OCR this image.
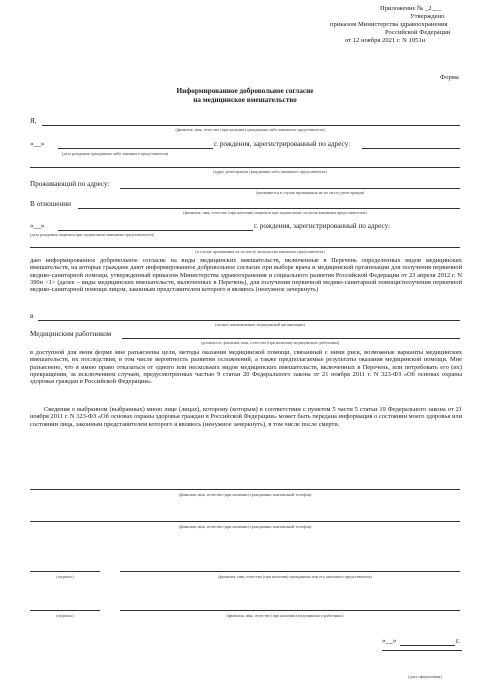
Приложение № _2___
Утверждено
приказом Министерства здравоохранения
Российской Федерации
от 12 ноября 2021 г. N 1051н
Форма
Информированное добровольное согласие
на медицинское вмешательство
Я,
(фамилия, имя, отчество (при наличии) гражданина либо законного представителя)
«__»	г. рождения, зарегистрированный по адресу:
(дата рождения гражданина либо законного представителя)
(адрес регистрации гражданина либо законного представителя)
Проживающий по адресу:
(указывается в случае проживания не по месту регистрации)
В отношении
(фамилия, имя, отчество (при наличии) пациента при подписании согласия законным представителем)
«__»	г. рождения, зарегистрированный по адресу:
(дата рождения пациента при подписании законным представителем)
(в случае проживания не по месту жительства законного представителя)
даю информированное добровольное согласие на виды медицинских вмешательств, включенные в Перечень определенных видов медицинских вмешательств, на которые граждане дают информированное добровольное согласие при выборе врача и медицинской организации для получения первичной медико-санитарной помощи, утвержденный приказом Министерства здравоохранения и социального развития Российской Федерации от 23 апреля 2012 г. N 390н <1> (далее – виды медицинских вмешательств, включенных в Перечень), для получения первичной медико-санитарной помощи/получения первичной медико-санитарной помощи лицом, законным представителем которого я являюсь (ненужное зачеркнуть)
в
(полное наименование медицинской организации)
Медицинским работником
(должность, фамилия, имя, отчество (при наличии) медицинского работника)
в доступной для меня форме мне разъяснены цели, методы оказания медицинской помощи, связанный с ними риск, возможные варианты медицинских вмешательств, их последствия, в том числе вероятность развития осложнений, а также предполагаемые результаты оказания медицинской помощи. Мне разъяснено, что я имею право отказаться от одного или нескольких видов медицинских вмешательств, включенных в Перечень, или потребовать его (их) прекращения, за исключением случаев, предусмотренных частью 9 статьи 20 Федерального закона от 21 ноября 2011 г. N 323-ФЗ «Об основах охраны здоровья граждан в Российской Федерации».
Сведения о выбранном (выбранных) мною лице (лицах), которому (которым) в соответствии с пунктом 5 части 5 статьи 19 Федерального закона от 21 ноября 2011 г. N 323-ФЗ «Об основах охраны здоровья граждан в Российской Федерации» может быть передана информация о состоянии моего здоровья или состоянии лица, законным представителем которого я являюсь (ненужное зачеркнуть), в том числе после смерти.
(фамилия, имя, отчество (при наличии) гражданина, контактный телефон)
(фамилия, имя, отчество (при наличии) гражданина, контактный телефон)
(подпись)	(фамилия, имя, отчество (при наличии) гражданина или его законного представителя)
(подпись)	(фамилия, имя, отчество (при наличии) медицинского работника)
«__»	г.
(дата оформления)
